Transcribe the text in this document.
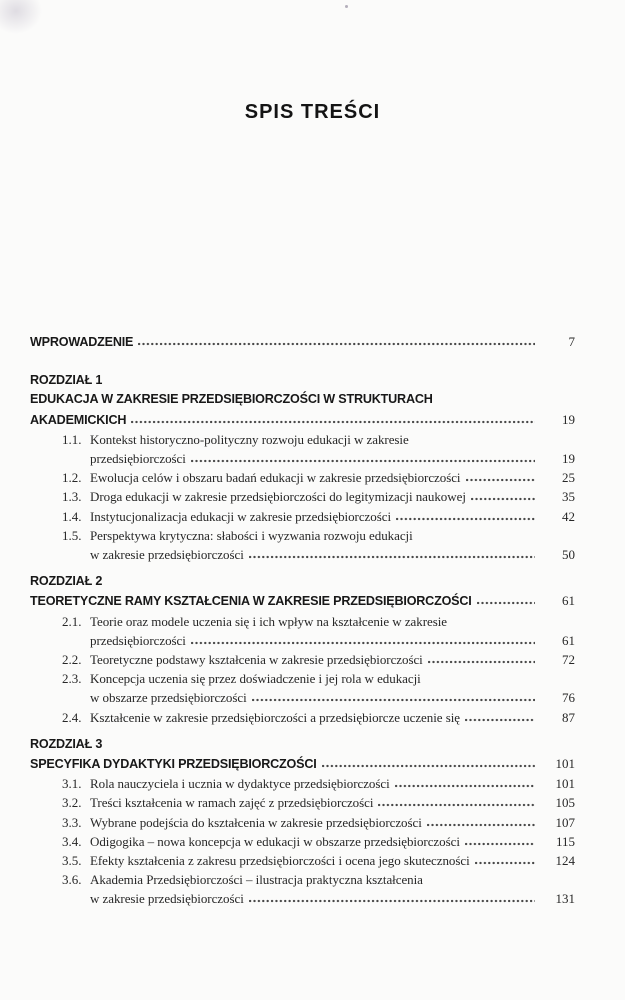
SPIS TREŚCI
WPROWADZENIE	7
ROZDZIAŁ 1
EDUKACJA W ZAKRESIE PRZEDSIĘBIORCZOŚCI W STRUKTURACH
AKADEMICKICH	19
1.1. Kontekst historyczno-polityczny rozwoju edukacji w zakresie
przedsiębiorczości	19
1.2. Ewolucja celów i obszaru badań edukacji w zakresie przedsiębiorczości	25
1.3. Droga edukacji w zakresie przedsiębiorczości do legitymizacji naukowej	35
1.4. Instytucjonalizacja edukacji w zakresie przedsiębiorczości	42
1.5. Perspektywa krytyczna: słabości i wyzwania rozwoju edukacji
w zakresie przedsiębiorczości	50
ROZDZIAŁ 2
TEORETYCZNE RAMY KSZTAŁCENIA W ZAKRESIE PRZEDSIĘBIORCZOŚCI	61
2.1. Teorie oraz modele uczenia się i ich wpływ na kształcenie w zakresie
przedsiębiorczości	61
2.2. Teoretyczne podstawy kształcenia w zakresie przedsiębiorczości	72
2.3. Koncepcja uczenia się przez doświadczenie i jej rola w edukacji
w obszarze przedsiębiorczości	76
2.4. Kształcenie w zakresie przedsiębiorczości a przedsiębiorcze uczenie się	87
ROZDZIAŁ 3
SPECYFIKA DYDAKTYKI PRZEDSIĘBIORCZOŚCI	101
3.1. Rola nauczyciela i ucznia w dydaktyce przedsiębiorczości	101
3.2. Treści kształcenia w ramach zajęć z przedsiębiorczości	105
3.3. Wybrane podejścia do kształcenia w zakresie przedsiębiorczości	107
3.4. Odigogika – nowa koncepcja w edukacji w obszarze przedsiębiorczości	115
3.5. Efekty kształcenia z zakresu przedsiębiorczości i ocena jego skuteczności	124
3.6. Akademia Przedsiębiorczości – ilustracja praktyczna kształcenia
w zakresie przedsiębiorczości	131
